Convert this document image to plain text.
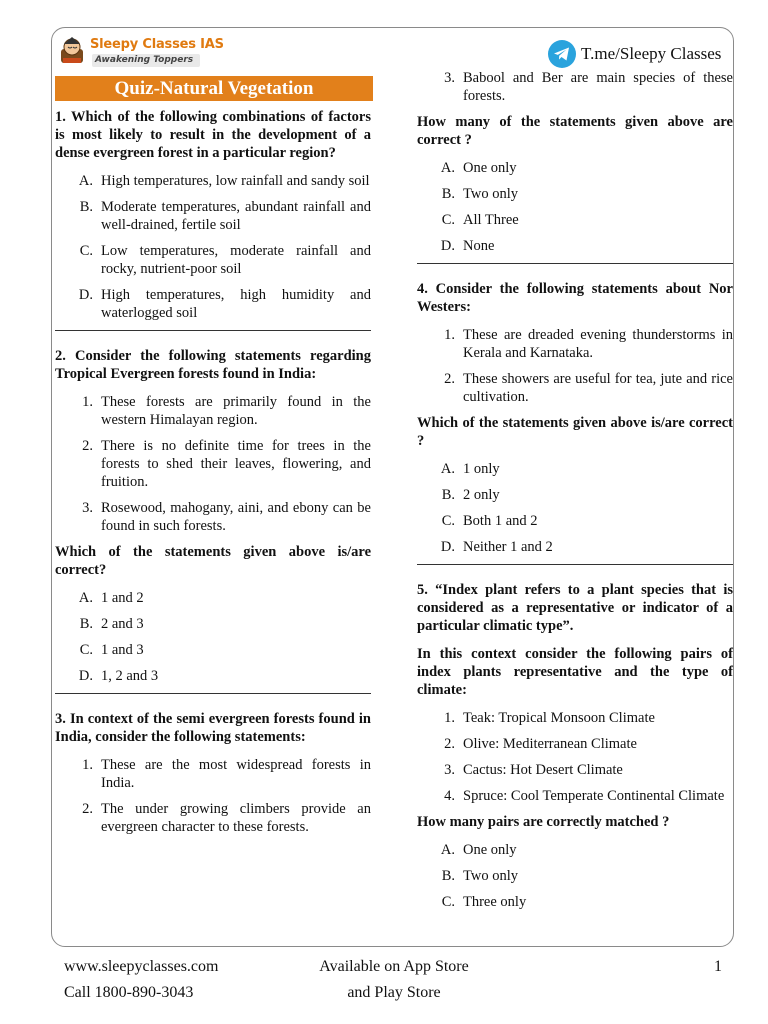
Sleepy Classes IAS
Awakening Toppers	T.me/Sleepy Classes
Quiz-Natural Vegetation
1. Which of the following combinations of factors is most likely to result in the development of a dense evergreen forest in a particular region?
A. High temperatures, low rainfall and sandy soil
B. Moderate temperatures, abundant rainfall and well-drained, fertile soil
C. Low temperatures, moderate rainfall and rocky, nutrient-poor soil
D. High temperatures, high humidity and waterlogged soil
2. Consider the following statements regarding Tropical Evergreen forests found in India:
1. These forests are primarily found in the western Himalayan region.
2. There is no definite time for trees in the forests to shed their leaves, flowering, and fruition.
3. Rosewood, mahogany, aini, and ebony can be found in such forests.
Which of the statements given above is/are correct?
A. 1 and 2
B. 2 and 3
C. 1 and 3
D. 1, 2 and 3
3. In context of the semi evergreen forests found in India, consider the following statements:
1. These are the most widespread forests in India.
2. The under growing climbers provide an evergreen character to these forests.
3. Babool and Ber are main species of these forests.
How many of the statements given above are correct ?
A. One only
B. Two only
C. All Three
D. None
4. Consider the following statements about Nor Westers:
1. These are dreaded evening thunderstorms in Kerala and Karnataka.
2. These showers are useful for tea, jute and rice cultivation.
Which of the statements given above is/are correct ?
A. 1 only
B. 2 only
C. Both 1 and 2
D. Neither 1 and 2
5. “Index plant refers to a plant species that is considered as a representative or indicator of a particular climatic type”.
In this context consider the following pairs of index plants representative and the type of climate:
1. Teak: Tropical Monsoon Climate
2. Olive: Mediterranean Climate
3. Cactus: Hot Desert Climate
4. Spruce: Cool Temperate Continental Climate
How many pairs are correctly matched ?
A. One only
B. Two only
C. Three only
www.sleepyclasses.com
Call 1800-890-3043
Available on App Store
and Play Store
1
